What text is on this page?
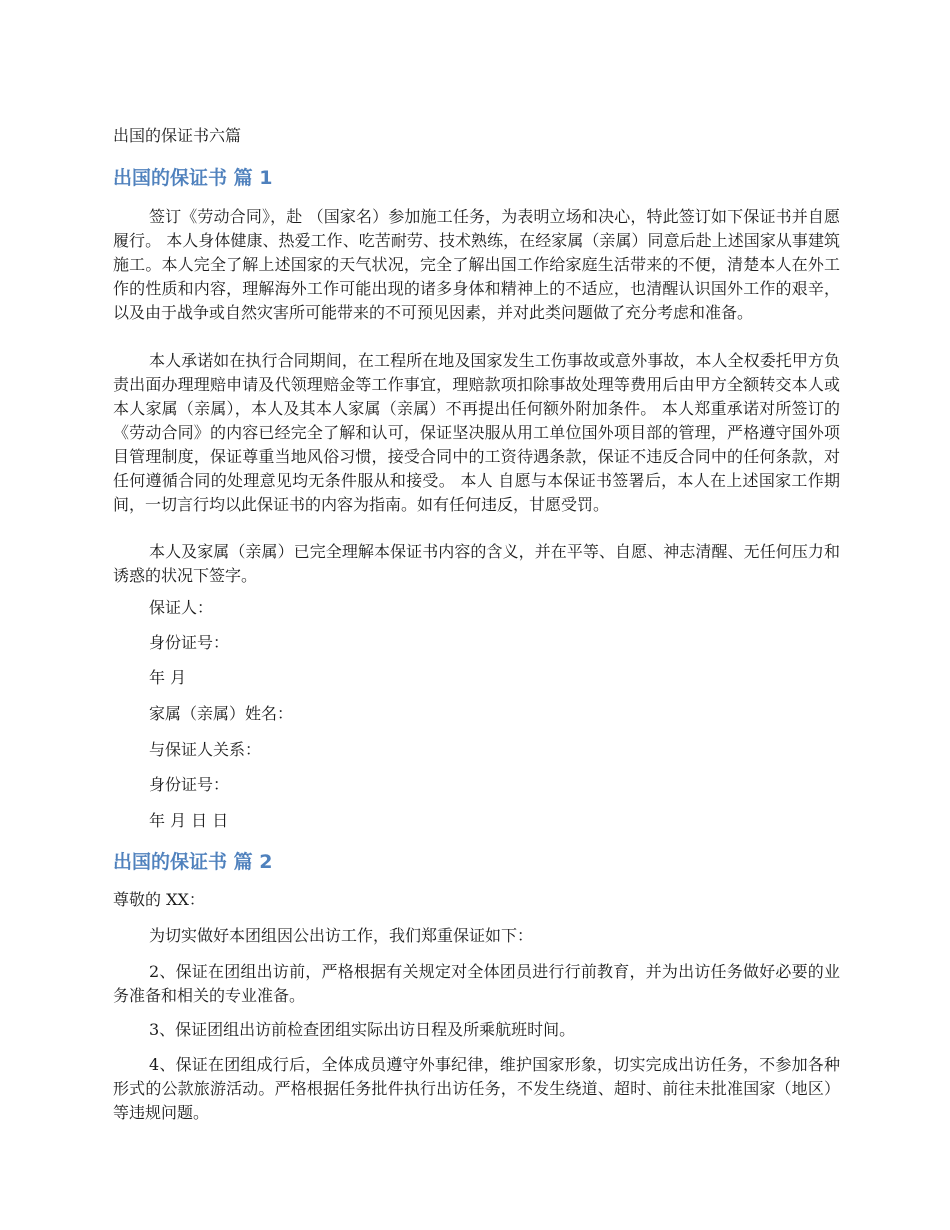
出国的保证书六篇
出国的保证书 篇 1

签订《劳动合同》，赴 （国家名）参加施工任务，为表明立场和决心，特此签订如下保证书并自愿履行。 本人身体健康、热爱工作、吃苦耐劳、技术熟练，在经家属（亲属）同意后赴上述国家从事建筑施工。本人完全了解上述国家的天气状况，完全了解出国工作给家庭生活带来的不便，清楚本人在外工作的性质和内容，理解海外工作可能出现的诸多身体和精神上的不适应，也清醒认识国外工作的艰辛，以及由于战争或自然灾害所可能带来的不可预见因素，并对此类问题做了充分考虑和准备。

本人承诺如在执行合同期间，在工程所在地及国家发生工伤事故或意外事故，本人全权委托甲方负责出面办理理赔申请及代领理赔金等工作事宜，理赔款项扣除事故处理等费用后由甲方全额转交本人或本人家属（亲属），本人及其本人家属（亲属）不再提出任何额外附加条件。 本人郑重承诺对所签订的《劳动合同》的内容已经完全了解和认可，保证坚决服从用工单位国外项目部的管理，严格遵守国外项目管理制度，保证尊重当地风俗习惯，接受合同中的工资待遇条款，保证不违反合同中的任何条款，对任何遵循合同的处理意见均无条件服从和接受。 本人 自愿与本保证书签署后，本人在上述国家工作期间，一切言行均以此保证书的内容为指南。如有任何违反，甘愿受罚。

本人及家属（亲属）已完全理解本保证书内容的含义，并在平等、自愿、神志清醒、无任何压力和诱惑的状况下签字。

保证人：
身份证号：
年 月
家属（亲属）姓名：
与保证人关系：
身份证号：
年 月 日 日
出国的保证书 篇 2
尊敬的 XX：

为切实做好本团组因公出访工作，我们郑重保证如下：

2、保证在团组出访前，严格根据有关规定对全体团员进行行前教育，并为出访任务做好必要的业务准备和相关的专业准备。

3、保证团组出访前检查团组实际出访日程及所乘航班时间。

4、保证在团组成行后，全体成员遵守外事纪律，维护国家形象，切实完成出访任务，不参加各种形式的公款旅游活动。严格根据任务批件执行出访任务，不发生绕道、超时、前往未批准国家（地区）等违规问题。
